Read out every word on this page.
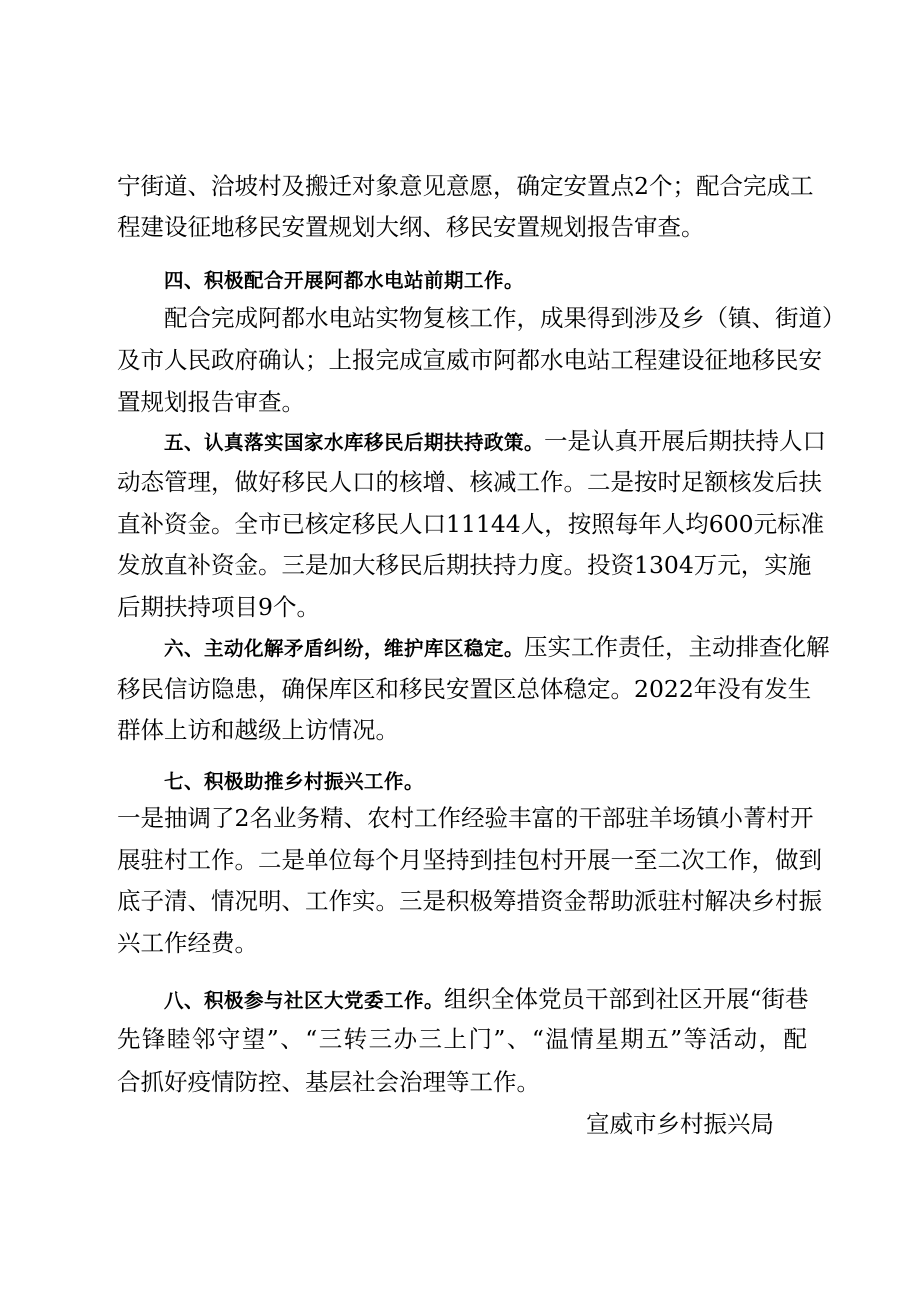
宁街道、洽坡村及搬迁对象意见意愿，确定安置点2个；配合完成工
程建设征地移民安置规划大纲、移民安置规划报告审查。
四、积极配合开展阿都水电站前期工作。
配合完成阿都水电站实物复核工作，成果得到涉及乡（镇、街道）
及市人民政府确认；上报完成宣威市阿都水电站工程建设征地移民安
置规划报告审查。
五、认真落实国家水库移民后期扶持政策。一是认真开展后期扶持人口
动态管理，做好移民人口的核增、核减工作。二是按时足额核发后扶
直补资金。全市已核定移民人口11144人，按照每年人均600元标准
发放直补资金。三是加大移民后期扶持力度。投资1304万元，实施
后期扶持项目9个。
六、主动化解矛盾纠纷，维护库区稳定。压实工作责任，主动排查化解
移民信访隐患，确保库区和移民安置区总体稳定。2022年没有发生
群体上访和越级上访情况。
七、积极助推乡村振兴工作。
一是抽调了2名业务精、农村工作经验丰富的干部驻羊场镇小菁村开
展驻村工作。二是单位每个月坚持到挂包村开展一至二次工作，做到
底子清、情况明、工作实。三是积极筹措资金帮助派驻村解决乡村振
兴工作经费。
八、积极参与社区大党委工作。组织全体党员干部到社区开展“街巷
先锋睦邻守望”、“三转三办三上门”、“温情星期五”等活动，配
合抓好疫情防控、基层社会治理等工作。
宣威市乡村振兴局
